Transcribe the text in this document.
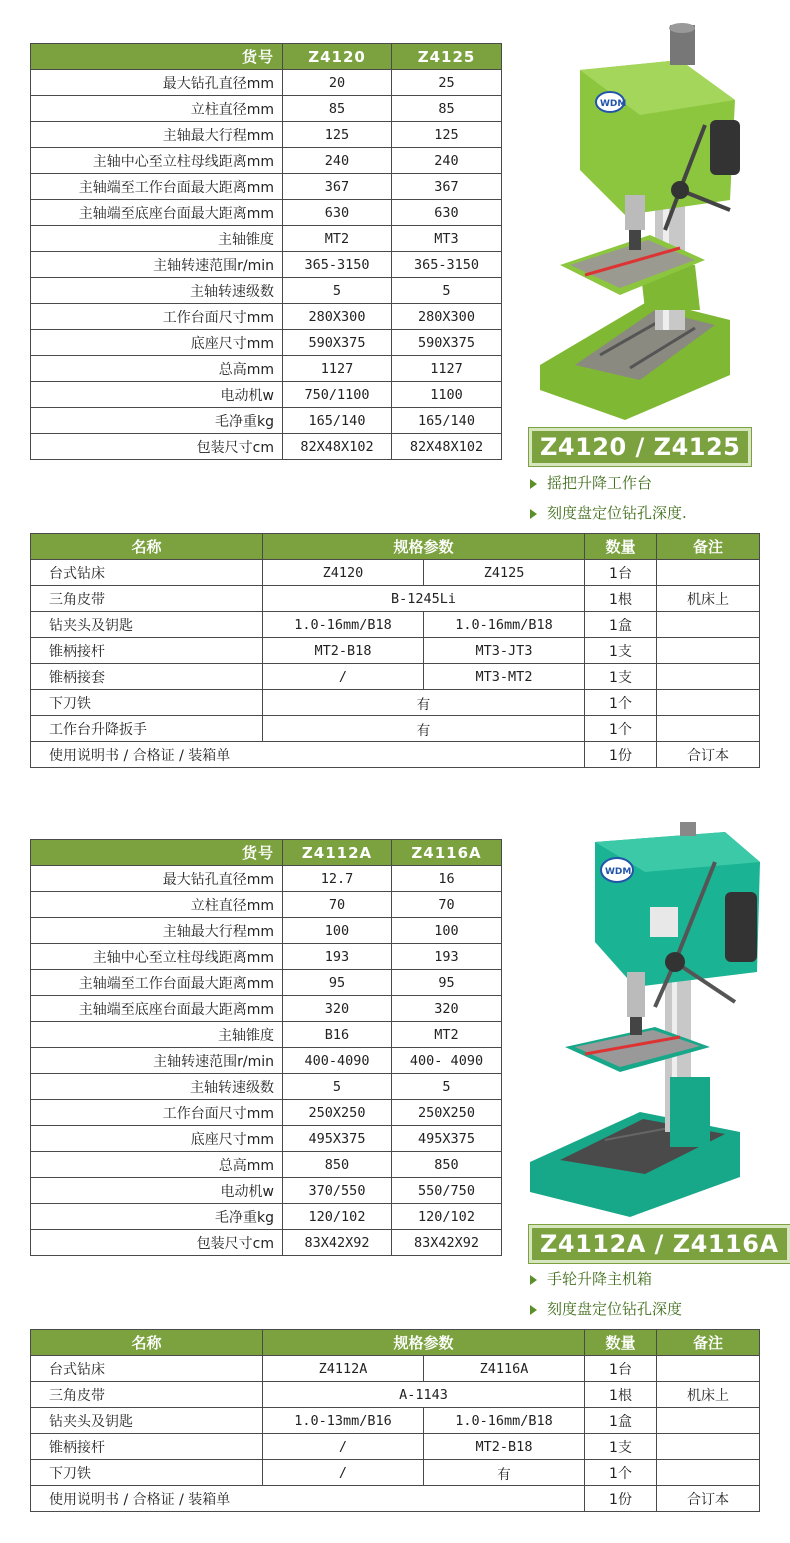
货号	Z4120	Z4125
最大钻孔直径mm	20	25
立柱直径mm	85	85
主轴最大行程mm	125	125
主轴中心至立柱母线距离mm	240	240
主轴端至工作台面最大距离mm	367	367
主轴端至底座台面最大距离mm	630	630
主轴锥度	MT2	MT3
主轴转速范围r/min	365-3150	365-3150
主轴转速级数	5	5
工作台面尺寸mm	280X300	280X300
底座尺寸mm	590X375	590X375
总高mm	1127	1127
电动机w	750/1100	1100
毛净重kg	165/140	165/140
包装尺寸cm	82X48X102	82X48X102
WDM
Z4120 / Z4125
摇把升降工作台
刻度盘定位钻孔深度.
名称	规格参数		数量	备注
台式钻床	Z4120	Z4125	1台	
三角皮带	B-1245Li		1根	机床上
钻夹头及钥匙	1.0-16mm/B18	1.0-16mm/B18	1盒	
锥柄接杆	MT2-B18	MT3-JT3	1支	
锥柄接套	/	MT3-MT2	1支	
下刀铁	有		1个	
工作台升降扳手	有		1个	
使用说明书 / 合格证 / 装箱单			1份	合订本
货号	Z4112A	Z4116A
最大钻孔直径mm	12.7	16
立柱直径mm	70	70
主轴最大行程mm	100	100
主轴中心至立柱母线距离mm	193	193
主轴端至工作台面最大距离mm	95	95
主轴端至底座台面最大距离mm	320	320
主轴锥度	B16	MT2
主轴转速范围r/min	400-4090	400- 4090
主轴转速级数	5	5
工作台面尺寸mm	250X250	250X250
底座尺寸mm	495X375	495X375
总高mm	850	850
电动机w	370/550	550/750
毛净重kg	120/102	120/102
包装尺寸cm	83X42X92	83X42X92
WDM
Z4112A / Z4116A
手轮升降主机箱
刻度盘定位钻孔深度
名称	规格参数		数量	备注
台式钻床	Z4112A	Z4116A	1台	
三角皮带	A-1143		1根	机床上
钻夹头及钥匙	1.0-13mm/B16	1.0-16mm/B18	1盒	
锥柄接杆	/	MT2-B18	1支	
下刀铁	/	有	1个	
使用说明书 / 合格证 / 装箱单			1份	合订本
